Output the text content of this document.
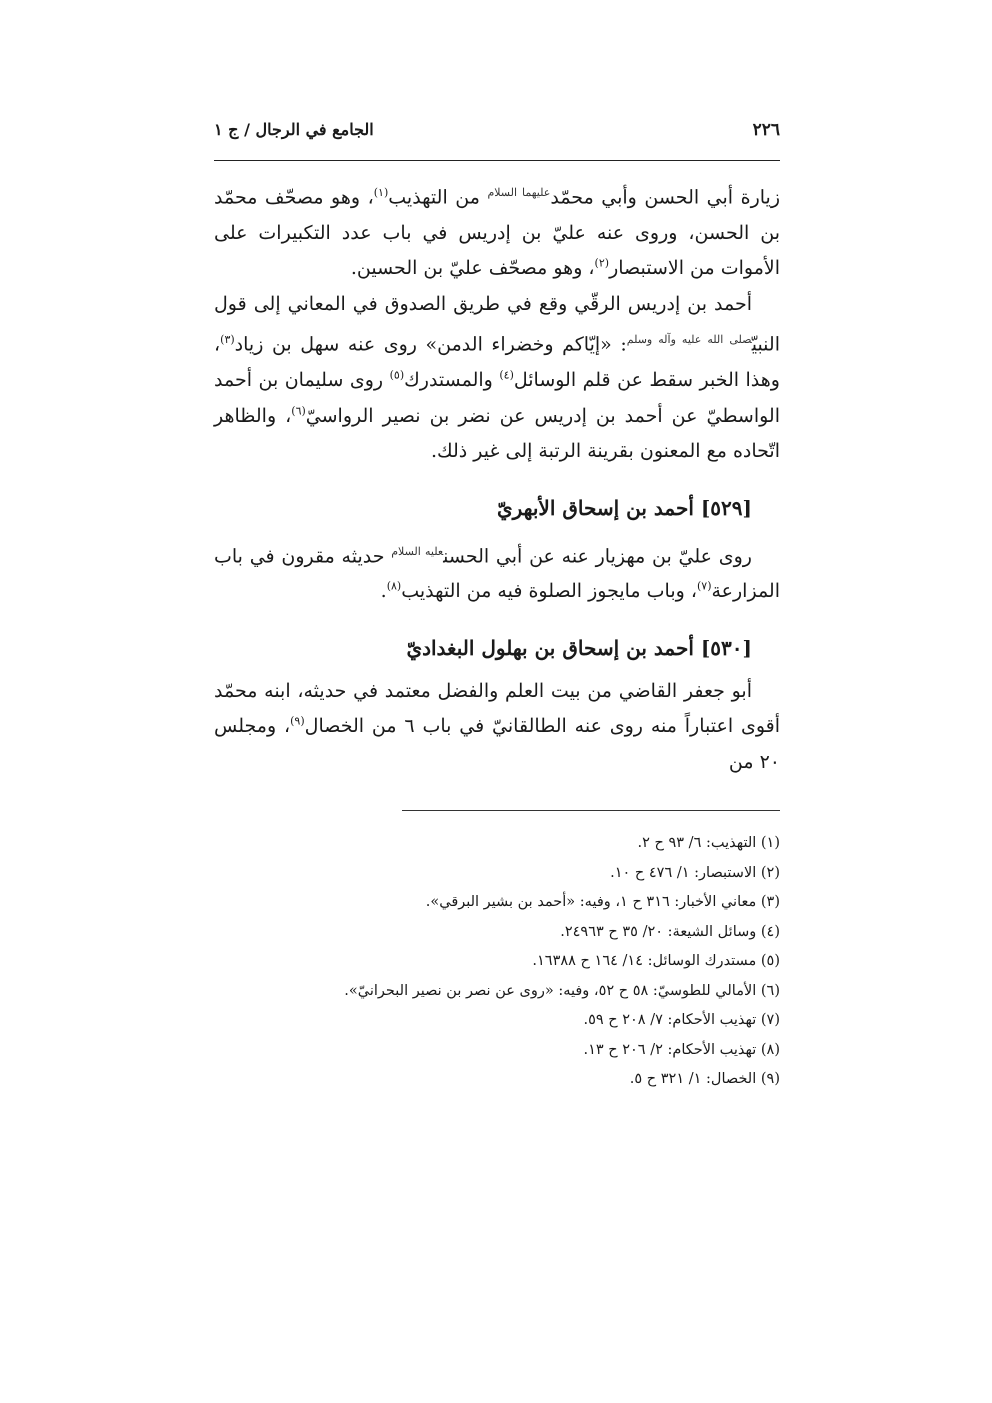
٢٢٦
الجامع في الرجال / ج ١

زيارة أبي الحسن وأبي محمّد$^{عليهما السلام}$ من التهذيب$^{(١)}$، وهو مصحّف محمّد بن الحسن، وروى عنه عليّ بن إدريس في باب عدد التكبيرات على الأموات من الاستبصار$^{(٢)}$، وهو مصحّف عليّ بن الحسين.

أحمد بن إدريس الرقّي وقع في طريق الصدوق في المعاني إلى قول النبيّ$^{صلى الله عليه وآله وسلم}$: «إيّاكم وخضراء الدمن» روى عنه سهل بن زياد$^{(٣)}$، وهذا الخبر سقط عن قلم الوسائل$^{(٤)}$ والمستدرك$^{(٥)}$ روى سليمان بن أحمد الواسطيّ عن أحمد بن إدريس عن نضر بن نصير الرواسيّ$^{(٦)}$، والظاهر اتّحاده مع المعنون بقرينة الرتبة إلى غير ذلك.

[٥٢٩] أحمد بن إسحاق الأبهريّ

روى عليّ بن مهزيار عنه عن أبي الحسن$^{عليه السلام}$ حديثه مقرون في باب المزارعة$^{(٧)}$، وباب مايجوز الصلوة فيه من التهذيب$^{(٨)}$.

[٥٣٠] أحمد بن إسحاق بن بهلول البغداديّ

أبو جعفر القاضي من بيت العلم والفضل معتمد في حديثه، ابنه محمّد أقوى اعتباراً منه روى عنه الطالقانيّ في باب ٦ من الخصال$^{(٩)}$، ومجلس ٢٠ من

(١) التهذيب: ٦/ ٩٣ ح ٢.
(٢) الاستبصار: ١/ ٤٧٦ ح ١٠.
(٣) معاني الأخبار: ٣١٦ ح ١، وفيه: «أحمد بن بشير البرقي».
(٤) وسائل الشيعة: ٢٠/ ٣٥ ح ٢٤٩٦٣.
(٥) مستدرك الوسائل: ١٤/ ١٦٤ ح ١٦٣٨٨.
(٦) الأمالي للطوسيّ: ٥٨ ح ٥٢، وفيه: «روى عن نصر بن نصير البحرانيّ».
(٧) تهذيب الأحكام: ٧/ ٢٠٨ ح ٥٩.
(٨) تهذيب الأحكام: ٢/ ٢٠٦ ح ١٣.
(٩) الخصال: ١/ ٣٢١ ح ٥.
